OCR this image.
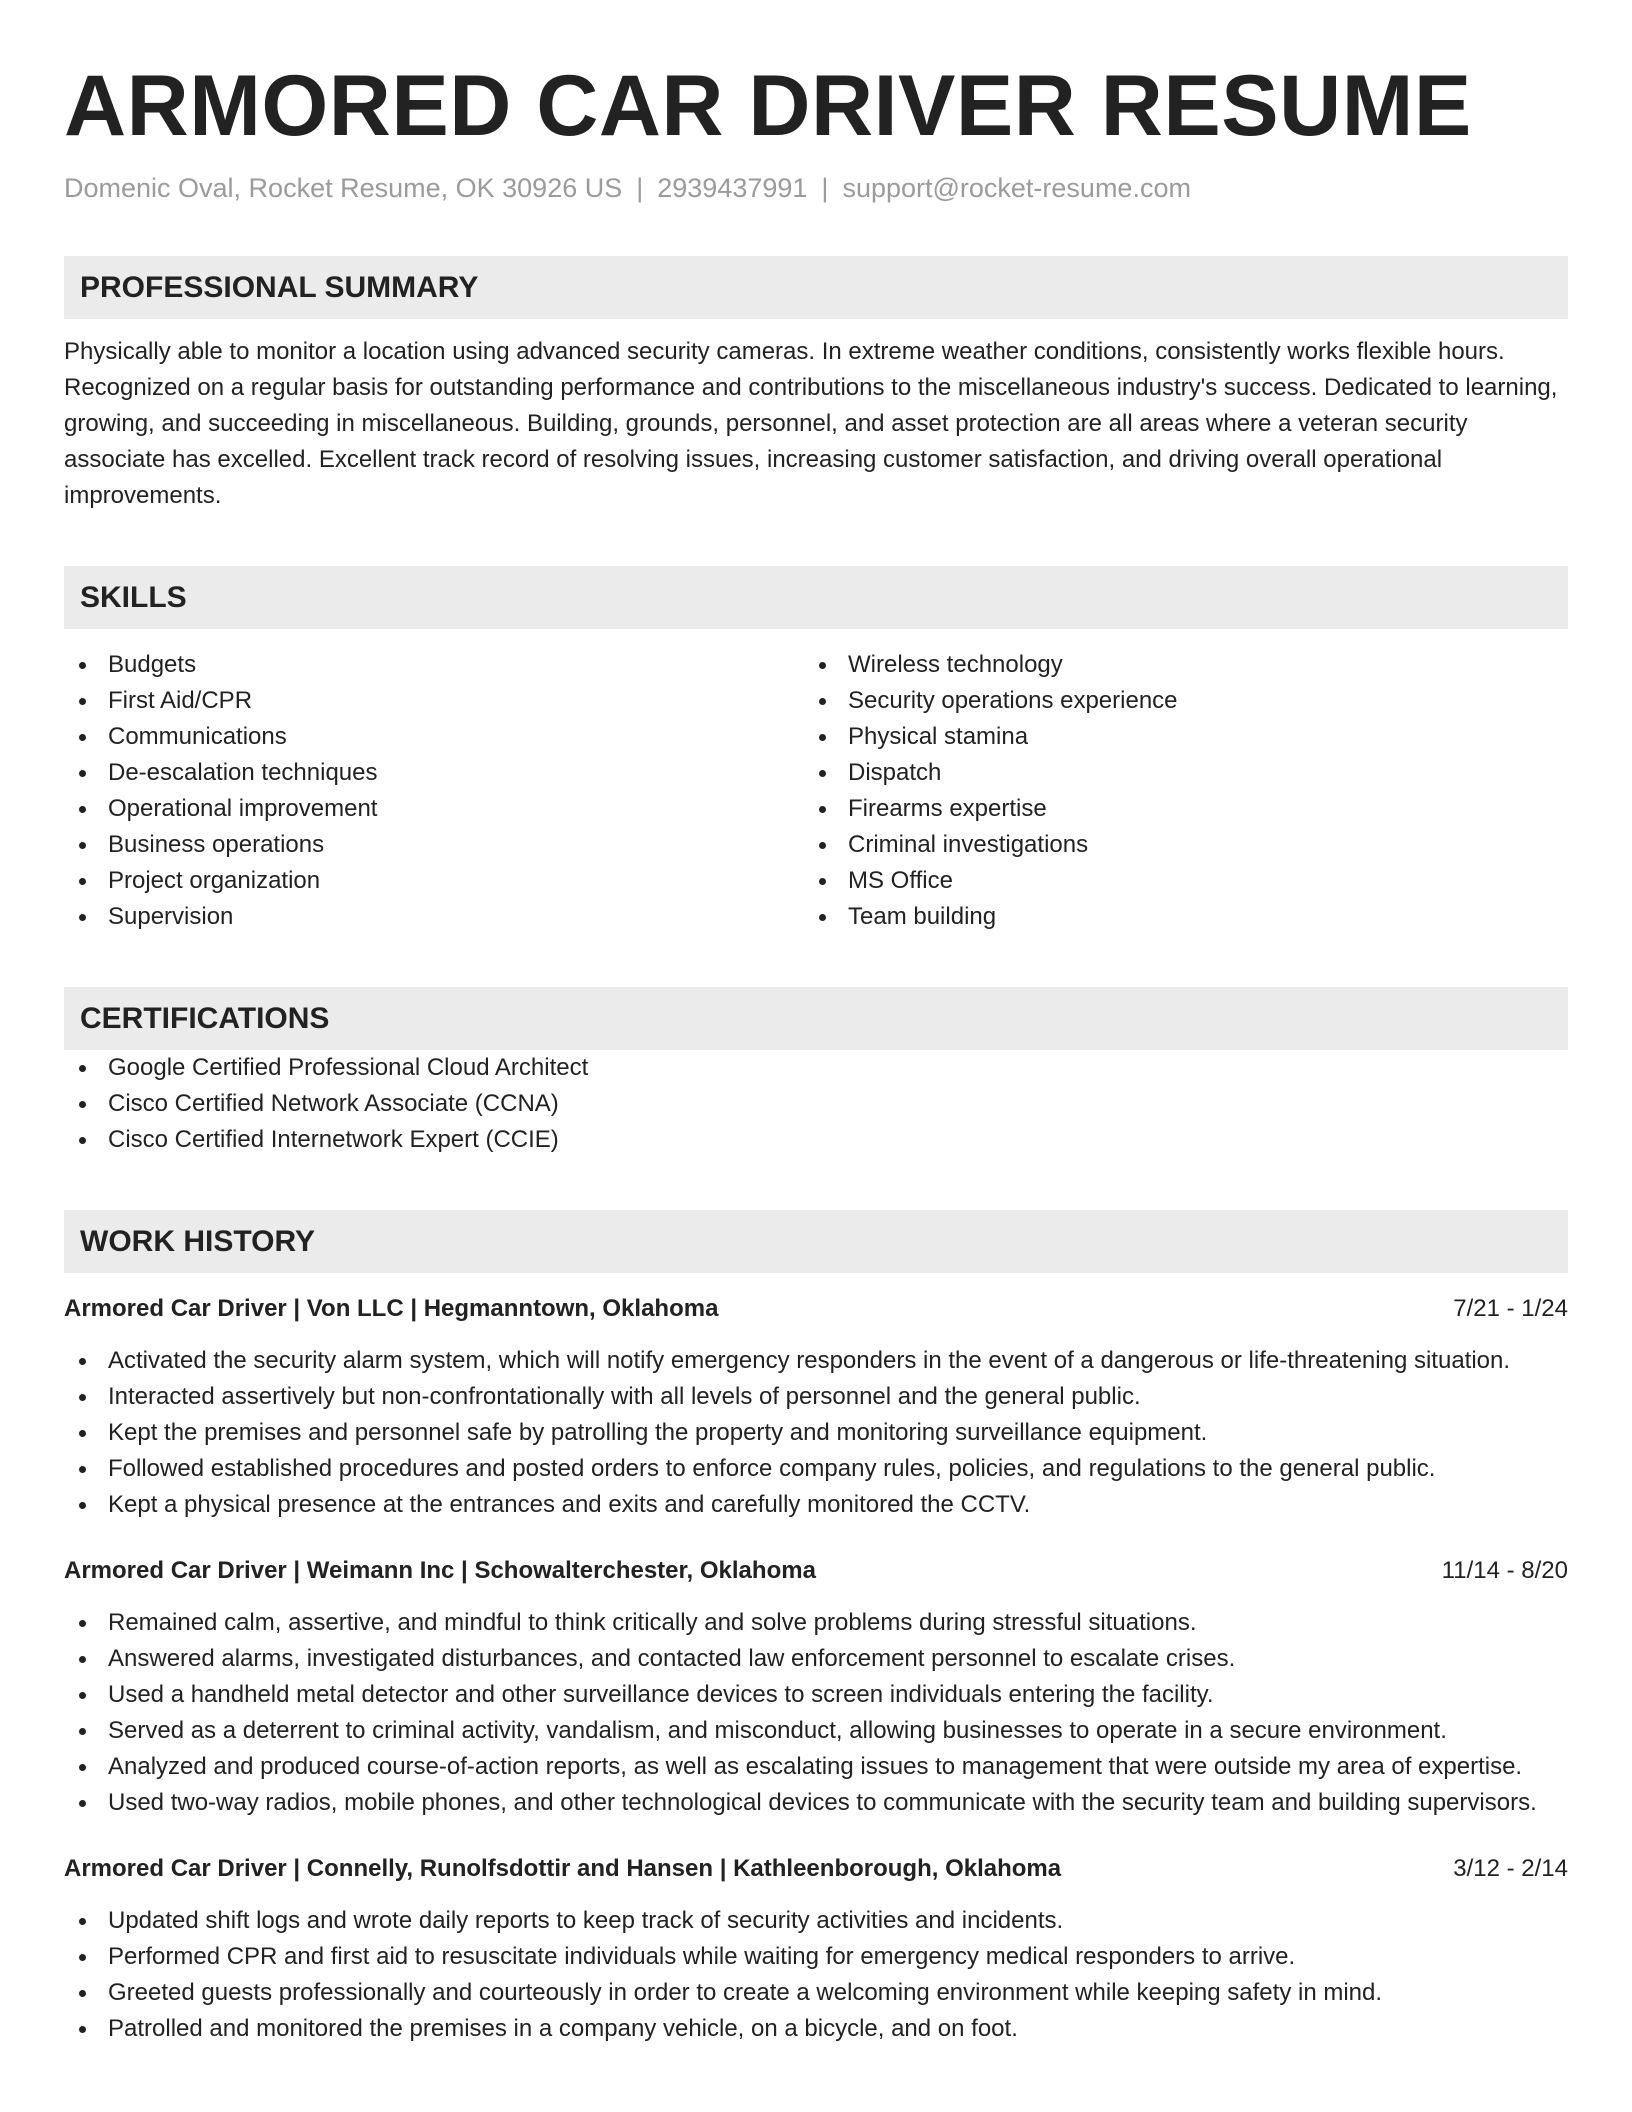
ARMORED CAR DRIVER RESUME
Domenic Oval, Rocket Resume, OK 30926 US | 2939437991 | support@rocket-resume.com
PROFESSIONAL SUMMARY

Physically able to monitor a location using advanced security cameras. In extreme weather conditions, consistently works flexible hours. Recognized on a regular basis for outstanding performance and contributions to the miscellaneous industry's success. Dedicated to learning, growing, and succeeding in miscellaneous. Building, grounds, personnel, and asset protection are all areas where a veteran security associate has excelled. Excellent track record of resolving issues, increasing customer satisfaction, and driving overall operational improvements.

SKILLS
Budgets
First Aid/CPR
Communications
De-escalation techniques
Operational improvement
Business operations
Project organization
Supervision
Wireless technology
Security operations experience
Physical stamina
Dispatch
Firearms expertise
Criminal investigations
MS Office
Team building
CERTIFICATIONS
Google Certified Professional Cloud Architect
Cisco Certified Network Associate (CCNA)
Cisco Certified Internetwork Expert (CCIE)
WORK HISTORY
Armored Car Driver | Von LLC | Hegmanntown, Oklahoma	7/21 - 1/24
Activated the security alarm system, which will notify emergency responders in the event of a dangerous or life-threatening situation.
Interacted assertively but non-confrontationally with all levels of personnel and the general public.
Kept the premises and personnel safe by patrolling the property and monitoring surveillance equipment.
Followed established procedures and posted orders to enforce company rules, policies, and regulations to the general public.
Kept a physical presence at the entrances and exits and carefully monitored the CCTV.
Armored Car Driver | Weimann Inc | Schowalterchester, Oklahoma	11/14 - 8/20
Remained calm, assertive, and mindful to think critically and solve problems during stressful situations.
Answered alarms, investigated disturbances, and contacted law enforcement personnel to escalate crises.
Used a handheld metal detector and other surveillance devices to screen individuals entering the facility.
Served as a deterrent to criminal activity, vandalism, and misconduct, allowing businesses to operate in a secure environment.
Analyzed and produced course-of-action reports, as well as escalating issues to management that were outside my area of expertise.
Used two-way radios, mobile phones, and other technological devices to communicate with the security team and building supervisors.
Armored Car Driver | Connelly, Runolfsdottir and Hansen | Kathleenborough, Oklahoma	3/12 - 2/14
Updated shift logs and wrote daily reports to keep track of security activities and incidents.
Performed CPR and first aid to resuscitate individuals while waiting for emergency medical responders to arrive.
Greeted guests professionally and courteously in order to create a welcoming environment while keeping safety in mind.
Patrolled and monitored the premises in a company vehicle, on a bicycle, and on foot.
